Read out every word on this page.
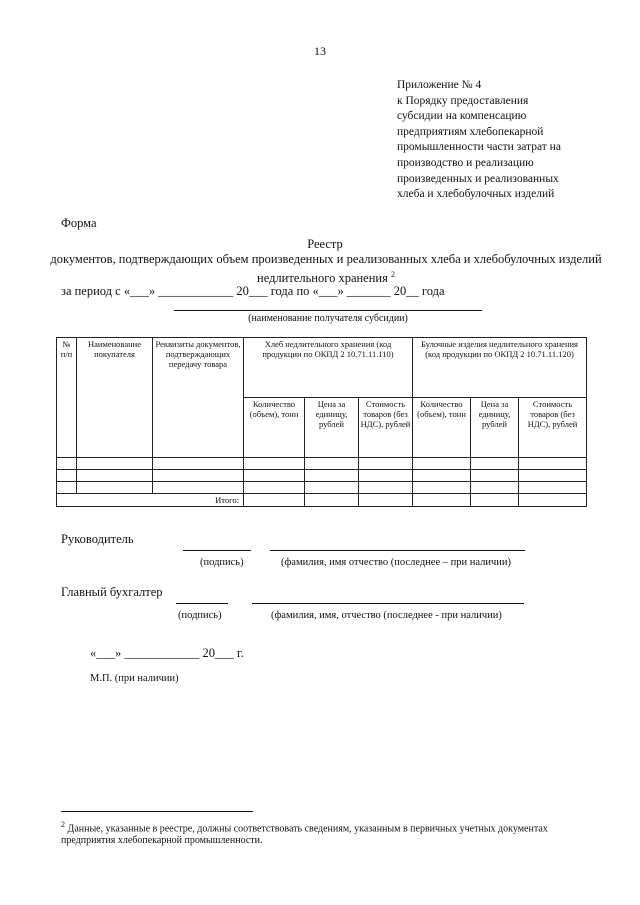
13
Приложение № 4
к Порядку предоставления
субсидии на компенсацию
предприятиям хлебопекарной
промышленности части затрат на
производство и реализацию
произведенных и реализованных
хлеба и хлебобулочных изделий
Форма
Реестр
документов, подтверждающих объем произведенных и реализованных хлеба и хлебобулочных изделий недлительного хранения $^2$
за период с «___» ____________ 20___ года по «___» _______ 20__ года
(наименование получателя субсидии)
№ п/п	Наименование покупателя	Реквизиты документов, подтверждающих передачу товара	Хлеб недлительного хранения (код продукции по ОКПД 2 10.71.11.110)			Булочные изделия недлительного хранения (код продукции по ОКПД 2 10.71.11.120)		
			Количество (объем), тонн	Цена за единицу, рублей	Стоимость товаров (без НДС), рублей	Количество (объем), тонн	Цена за единицу, рублей	Стоимость товаров (без НДС), рублей

Итого:								
Руководитель
(подпись)	(фамилия, имя отчество (последнее – при наличии)
Главный бухгалтер
(подпись)	(фамилия, имя, отчество (последнее - при наличии)
«___» ____________ 20___ г.
М.П. (при наличии)
$^2$ Данные, указанные в реестре, должны соответствовать сведениям, указанным в первичных учетных документах предприятия хлебопекарной промышленности.
